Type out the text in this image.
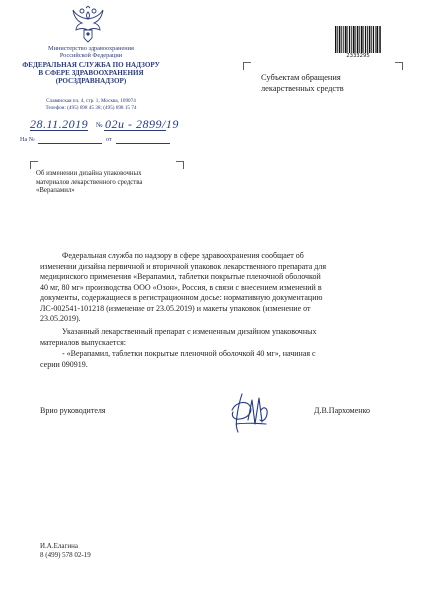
Министерство здравоохранения
Российской Федерации
ФЕДЕРАЛЬНАЯ СЛУЖБА ПО НАДЗОРУ
В СФЕРЕ ЗДРАВООХРАНЕНИЯ
(РОСЗДРАВНАДЗОР)
Славянская пл. 4, стр. 1, Москва, 109074
Телефон: (495) 698 45 38; (495) 698 15 74
28.11.2019 № 02и - 2899/19
На №	от
2333295
Субъектам обращения
лекарственных средств
Об изменении дизайна упаковочных
материалов лекарственного средства
«Верапамил»
Федеральная служба по надзору в сфере здравоохранения сообщает об
изменении дизайна первичной и вторичной упаковок лекарственного препарата для
медицинского применения «Верапамил, таблетки покрытые пленочной оболочкой
40 мг, 80 мг» производства ООО «Озон», Россия, в связи с внесением изменений в
документы, содержащиеся в регистрационном досье: нормативную документацию
ЛС-002541-101218 (изменение от 23.05.2019) и макеты упаковок (изменение от
23.05.2019).
Указанный лекарственный препарат с измененным дизайном упаковочных
материалов выпускается:
- «Верапамил, таблетки покрытые пленочной оболочкой 40 мг», начиная с
серии 090919.
Врио руководителя	Д.В.Пархоменко
И.А.Елагина
8 (499) 578 02-19
